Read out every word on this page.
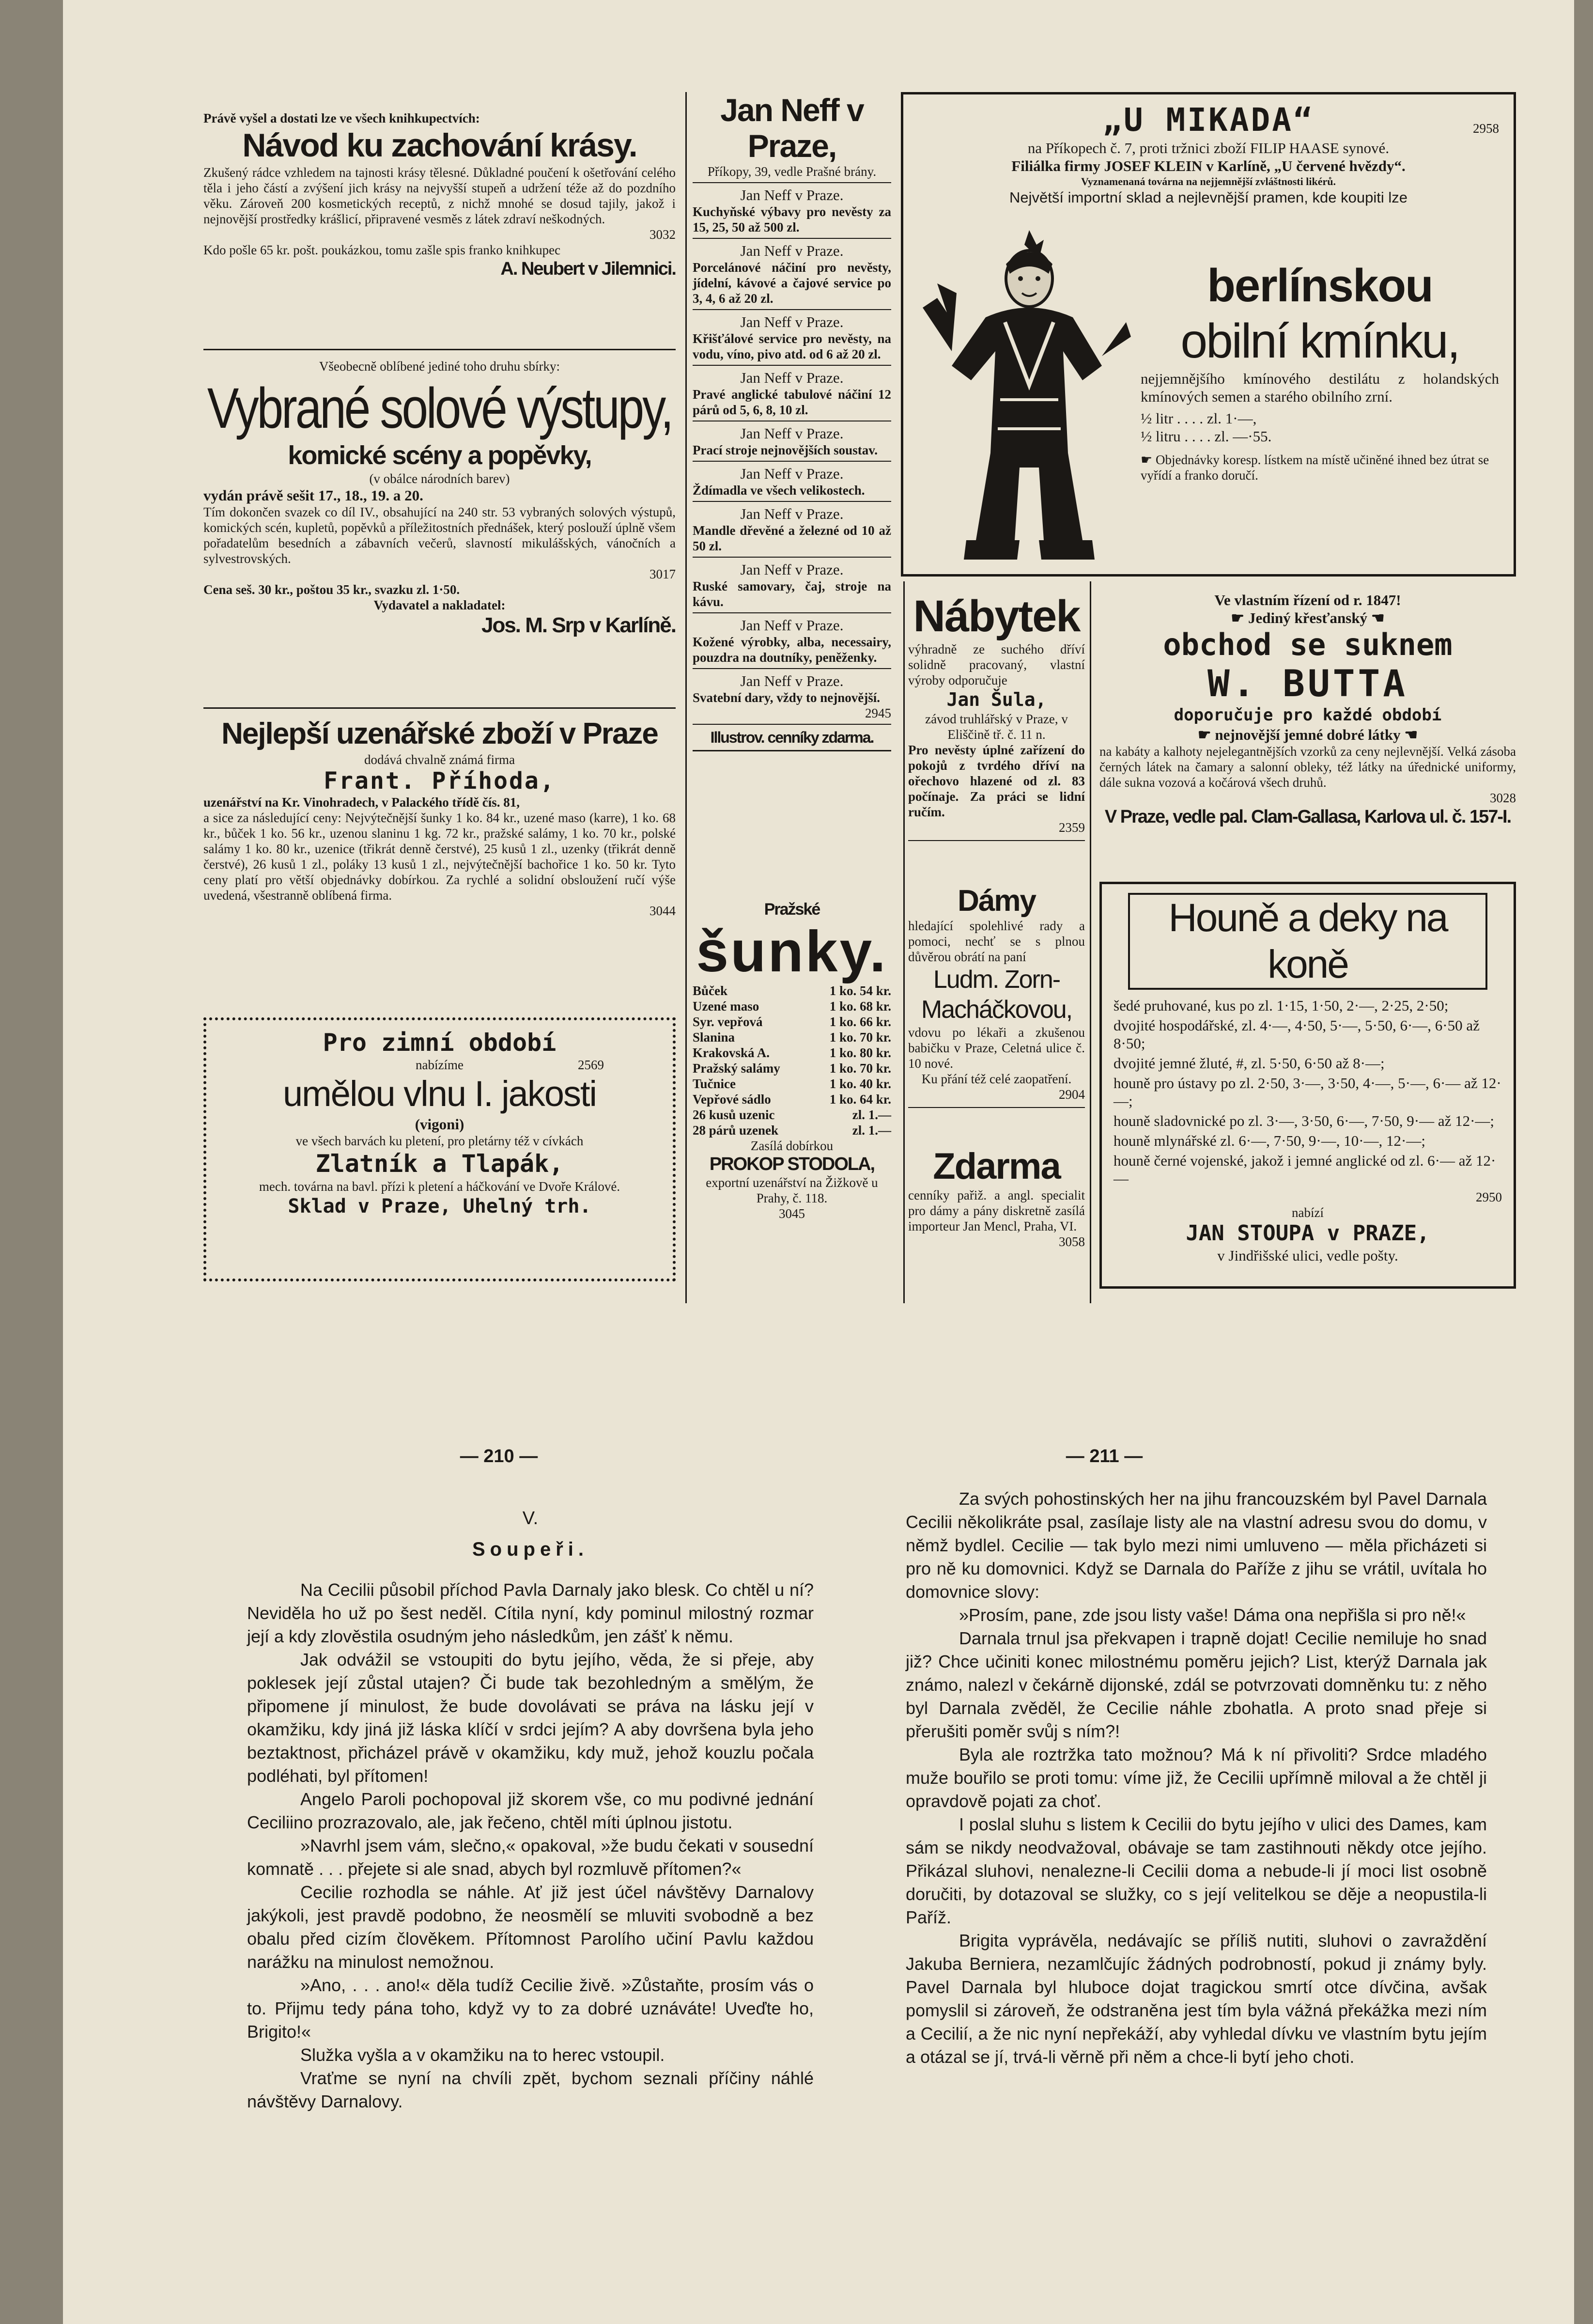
Právě vyšel a dostati lze ve všech knihkupectvích:
Návod ku zachování krásy.
Zkušený rádce vzhledem na tajnosti krásy tělesné. Důkladné poučení k ošetřování celého těla i jeho částí a zvýšení jich krásy na nejvyšší stupeň a udržení téže až do pozdního věku. Zároveň 200 kosmetických receptů, z nichž mnohé se dosud tajily, jakož i nejnovější prostředky krášlicí, připravené vesměs z látek zdraví neškodných.
3032
Kdo pošle 65 kr. pošt. poukázkou, tomu zašle spis franko knihkupec
A. Neubert v Jilemnici.
Všeobecně oblíbené jediné toho druhu sbírky:
Vybrané solové výstupy,
komické scény a popěvky,
(v obálce národních barev)
vydán právě sešit 17., 18., 19. a 20.
Tím dokončen svazek co díl IV., obsahující na 240 str. 53 vybraných solových výstupů, komických scén, kupletů, popěvků a příležitostních přednášek, který poslouží úplně všem pořadatelům besedních a zábavních večerů, slavností mikulášských, vánočních a sylvestrovských.
3017
Cena seš. 30 kr., poštou 35 kr., svazku zl. 1·50.
Vydavatel a nakladatel:
Jos. M. Srp v Karlíně.
Nejlepší uzenářské zboží v Praze
dodává chvalně známá firma
Frant. Příhoda,
uzenářství na Kr. Vinohradech, v Palackého třídě čís. 81,
a sice za následující ceny: Nejvýtečnější šunky 1 ko. 84 kr., uzené maso (karre), 1 ko. 68 kr., bůček 1 ko. 56 kr., uzenou slaninu 1 kg. 72 kr., pražské salámy, 1 ko. 70 kr., polské salámy 1 ko. 80 kr., uzenice (třikrát denně čerstvé), 25 kusů 1 zl., uzenky (třikrát denně čerstvé), 26 kusů 1 zl., poláky 13 kusů 1 zl., nejvýtečnější bachořice 1 ko. 50 kr. Tyto ceny platí pro větší objednávky dobírkou. Za rychlé a solidní obsloužení ručí výše uvedená, všestranně oblíbená firma.
3044
Pro zimní období
nabízíme	2569
umělou vlnu I. jakosti
(vigoni)
ve všech barvách ku pletení, pro pletárny též v cívkách
Zlatník a Tlapák,
mech. továrna na bavl. přízi k pletení a háčkování ve Dvoře Králové.
Sklad v Praze, Uhelný trh.
Jan Neff v Praze,
Příkopy, 39, vedle Prašné brány.
Jan Neff v Praze.
Kuchyňské výbavy pro nevěsty za 15, 25, 50 až 500 zl.
Jan Neff v Praze.
Porcelánové náčiní pro nevěsty, jídelní, kávové a čajové service po 3, 4, 6 až 20 zl.
Jan Neff v Praze.
Křišťálové service pro nevěsty, na vodu, víno, pivo atd. od 6 až 20 zl.
Jan Neff v Praze.
Pravé anglické tabulové náčiní 12 párů od 5, 6, 8, 10 zl.
Jan Neff v Praze.
Prací stroje nejnovějších soustav.
Jan Neff v Praze.
Ždímadla ve všech velikostech.
Jan Neff v Praze.
Mandle dřevěné a železné od 10 až 50 zl.
Jan Neff v Praze.
Ruské samovary, čaj, stroje na kávu.
Jan Neff v Praze.
Kožené výrobky, alba, necessairy, pouzdra na doutníky, peněženky.
Jan Neff v Praze.
Svatební dary, vždy to nejnovější.
2945
Illustrov. cenníky zdarma.
Pražské
šunky.
Bůček	1 ko. 54 kr.
Uzené maso	1 ko. 68 kr.
Syr. vepřová	1 ko. 66 kr.
Slanina	1 ko. 70 kr.
Krakovská A.	1 ko. 80 kr.
Pražský salámy	1 ko. 70 kr.
Tučnice	1 ko. 40 kr.
Vepřové sádlo	1 ko. 64 kr.
26 kusů uzenic	zl. 1.—
28 párů uzenek	zl. 1.—
Zasílá dobírkou
PROKOP STODOLA,
exportní uzenářství na Žižkově u Prahy, č. 118.
3045
„U MIKADA“	2958
na Příkopech č. 7, proti tržnici zboží FILIP HAASE synové.
Filiálka firmy JOSEF KLEIN v Karlíně, „U červené hvězdy“.
Vyznamenaná továrna na nejjemnější zvláštnosti likérů.
Největší importní sklad a nejlevnější pramen, kde koupiti lze
berlínskou
obilní kmínku,
nejjemnějšího kmínového destilátu z holandských kmínových semen a starého obilního zrní.
½ litr . . . . zl. 1·—,
½ litru . . . . zl. —·55.
☛ Objednávky koresp. lístkem na místě učiněné ihned bez útrat se vyřídí a franko doručí.
Ve vlastním řízení od r. 1847!
☛ Jediný křesťanský ☚
obchod se suknem
W. BUTTA
doporučuje pro každé období
☛ nejnovější jemné dobré látky ☚
na kabáty a kalhoty nejelegantnějších vzorků za ceny nejlevnější. Velká zásoba černých látek na čamary a salonní obleky, též látky na úřednické uniformy, dále sukna vozová a kočárová všech druhů.
3028
V Praze, vedle pal. Clam-Gallasa, Karlova ul. č. 157-I.
Nábytek
výhradně ze suchého dříví solidně pracovaný, vlastní výroby odporučuje
Jan Šula,
závod truhlářský v Praze, v Eliščině tř. č. 11 n.
Pro nevěsty úplné zařízení do pokojů z tvrdého dříví na ořechovo hlazené od zl. 83 počínaje. Za práci se lidní ručím.
2359
Dámy
hledající spolehlivé rady a pomoci, nechť se s plnou důvěrou obrátí na paní
Ludm. Zorn-Macháčkovou,
vdovu po lékaři a zkušenou babičku v Praze, Celetná ulice č. 10 nové.
Ku přání též celé zaopatření.
2904
Zdarma
cenníky pařiž. a angl. specialit pro dámy a pány diskretně zasílá importeur Jan Mencl, Praha, VI.
3058
Houně a deky na koně
šedé pruhované, kus po zl. 1·15, 1·50, 2·—, 2·25, 2·50;
dvojité hospodářské, zl. 4·—, 4·50, 5·—, 5·50, 6·—, 6·50 až 8·50;
dvojité jemné žluté, #, zl. 5·50, 6·50 až 8·—;
houně pro ústavy po zl. 2·50, 3·—, 3·50, 4·—, 5·—, 6·— až 12·—;
houně sladovnické po zl. 3·—, 3·50, 6·—, 7·50, 9·— až 12·—;
houně mlynářské zl. 6·—, 7·50, 9·—, 10·—, 12·—;
houně černé vojenské, jakož i jemné anglické od zl. 6·— až 12·—
2950
nabízí
JAN STOUPA v PRAZE,
v Jindřišské ulici, vedle pošty.
— 210 —	— 211 —
V.
Soupeři.

Na Cecilii působil příchod Pavla Darnaly jako blesk. Co chtěl u ní? Neviděla ho už po šest neděl. Cítila nyní, kdy pominul milostný rozmar její a kdy zlověstila osudným jeho následkům, jen zášť k němu.

Jak odvážil se vstoupiti do bytu jejího, věda, že si přeje, aby poklesek její zůstal utajen? Či bude tak bezohledným a smělým, že připomene jí minulost, že bude dovolávati se práva na lásku její v okamžiku, kdy jiná již láska klíčí v srdci jejím? A aby dovršena byla jeho beztaktnost, přicházel právě v okamžiku, kdy muž, jehož kouzlu počala podléhati, byl přítomen!

Angelo Paroli pochopoval již skorem vše, co mu podivné jednání Ceciliino prozrazovalo, ale, jak řečeno, chtěl míti úplnou jistotu.

»Navrhl jsem vám, slečno,« opakoval, »že budu čekati v sousední komnatě . . . přejete si ale snad, abych byl rozmluvě přítomen?«

Cecilie rozhodla se náhle. Ať již jest účel návštěvy Darnalovy jakýkoli, jest pravdě podobno, že neosmělí se mluviti svobodně a bez obalu před cizím člověkem. Přítomnost Parolího učiní Pavlu každou narážku na minulost nemožnou.

»Ano, . . . ano!« děla tudíž Cecilie živě. »Zůstaňte, prosím vás o to. Přijmu tedy pána toho, když vy to za dobré uznáváte! Uveďte ho, Brigito!«

Služka vyšla a v okamžiku na to herec vstoupil.

Vraťme se nyní na chvíli zpět, bychom seznali příčiny náhlé návštěvy Darnalovy.

Za svých pohostinských her na jihu francouzském byl Pavel Darnala Cecilii několikráte psal, zasílaje listy ale na vlastní adresu svou do domu, v němž bydlel. Cecilie — tak bylo mezi nimi umluveno — měla přicházeti si pro ně ku domovnici. Když se Darnala do Paříže z jihu se vrátil, uvítala ho domovnice slovy:

»Prosím, pane, zde jsou listy vaše! Dáma ona nepřišla si pro ně!«

Darnala trnul jsa překvapen i trapně dojat! Cecilie nemiluje ho snad již? Chce učiniti konec milostnému poměru jejich? List, kterýž Darnala jak známo, nalezl v čekárně dijonské, zdál se potvrzovati domněnku tu: z něho byl Darnala zvěděl, že Cecilie náhle zbohatla. A proto snad přeje si přerušiti poměr svůj s ním?!

Byla ale roztržka tato možnou? Má k ní přivoliti? Srdce mladého muže bouřilo se proti tomu: víme již, že Cecilii upřímně miloval a že chtěl ji opravdově pojati za choť.

I poslal sluhu s listem k Cecilii do bytu jejího v ulici des Dames, kam sám se nikdy neodvažoval, obávaje se tam zastihnouti někdy otce jejího. Přikázal sluhovi, nenalezne-li Cecilii doma a nebude-li jí moci list osobně doručiti, by dotazoval se služky, co s její velitelkou se děje a neopustila-li Paříž.

Brigita vyprávěla, nedávajíc se příliš nutiti, sluhovi o zavraždění Jakuba Berniera, nezamlčujíc žádných podrobností, pokud ji známy byly. Pavel Darnala byl hluboce dojat tragickou smrtí otce dívčina, avšak pomyslil si zároveň, že odstraněna jest tím byla vážná překážka mezi ním a Cecilií, a že nic nyní nepřekáží, aby vyhledal dívku ve vlastním bytu jejím a otázal se jí, trvá-li věrně při něm a chce-li bytí jeho choti.
